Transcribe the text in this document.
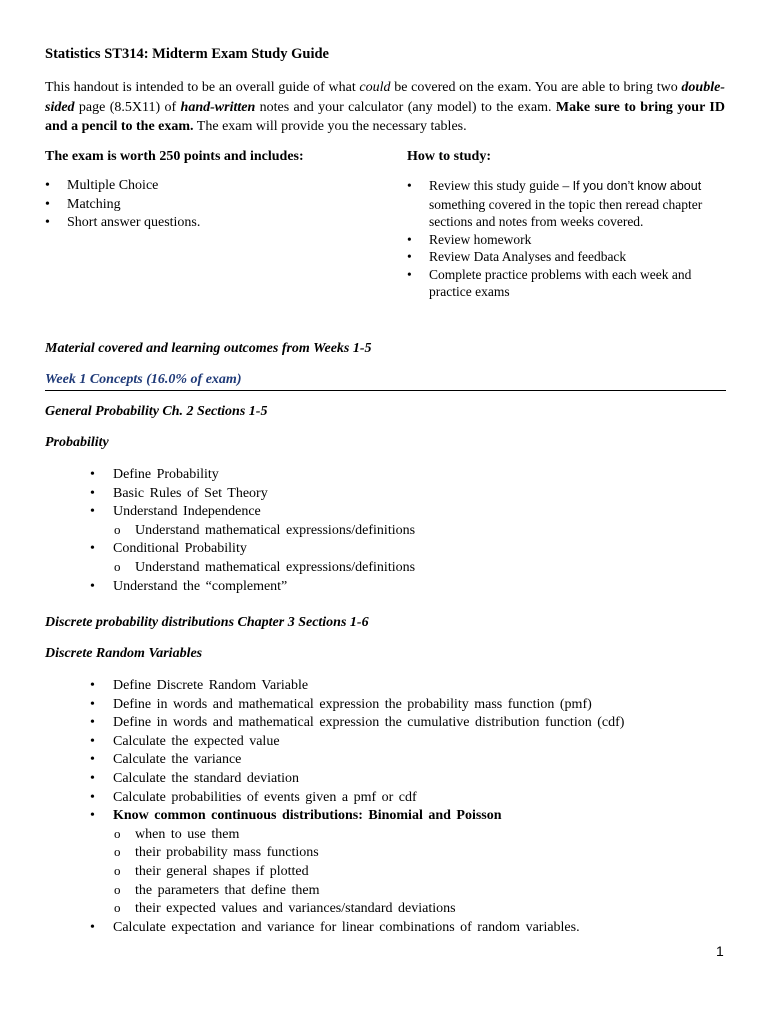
Statistics ST314: Midterm Exam Study Guide
This handout is intended to be an overall guide of what could be covered on the exam. You are able to bring two double-sided page (8.5X11) of hand-written notes and your calculator (any model) to the exam. Make sure to bring your ID and a pencil to the exam. The exam will provide you the necessary tables.
The exam is worth 250 points and includes:
• Multiple Choice
• Matching
• Short answer questions.
How to study:
• Review this study guide – If you don’t know about something covered in the topic then reread chapter sections and notes from weeks covered.
• Review homework
• Review Data Analyses and feedback
• Complete practice problems with each week and practice exams
Material covered and learning outcomes from Weeks 1-5
Week 1 Concepts (16.0% of exam)
General Probability Ch. 2 Sections 1-5
Probability
• Define Probability
• Basic Rules of Set Theory
• Understand Independence
o Understand mathematical expressions/definitions
• Conditional Probability
o Understand mathematical expressions/definitions
• Understand the “complement”
Discrete probability distributions Chapter 3 Sections 1-6
Discrete Random Variables
• Define Discrete Random Variable
• Define in words and mathematical expression the probability mass function (pmf)
• Define in words and mathematical expression the cumulative distribution function (cdf)
• Calculate the expected value
• Calculate the variance
• Calculate the standard deviation
• Calculate probabilities of events given a pmf or cdf
• Know common continuous distributions: Binomial and Poisson
o when to use them
o their probability mass functions
o their general shapes if plotted
o the parameters that define them
o their expected values and variances/standard deviations
• Calculate expectation and variance for linear combinations of random variables.
1
